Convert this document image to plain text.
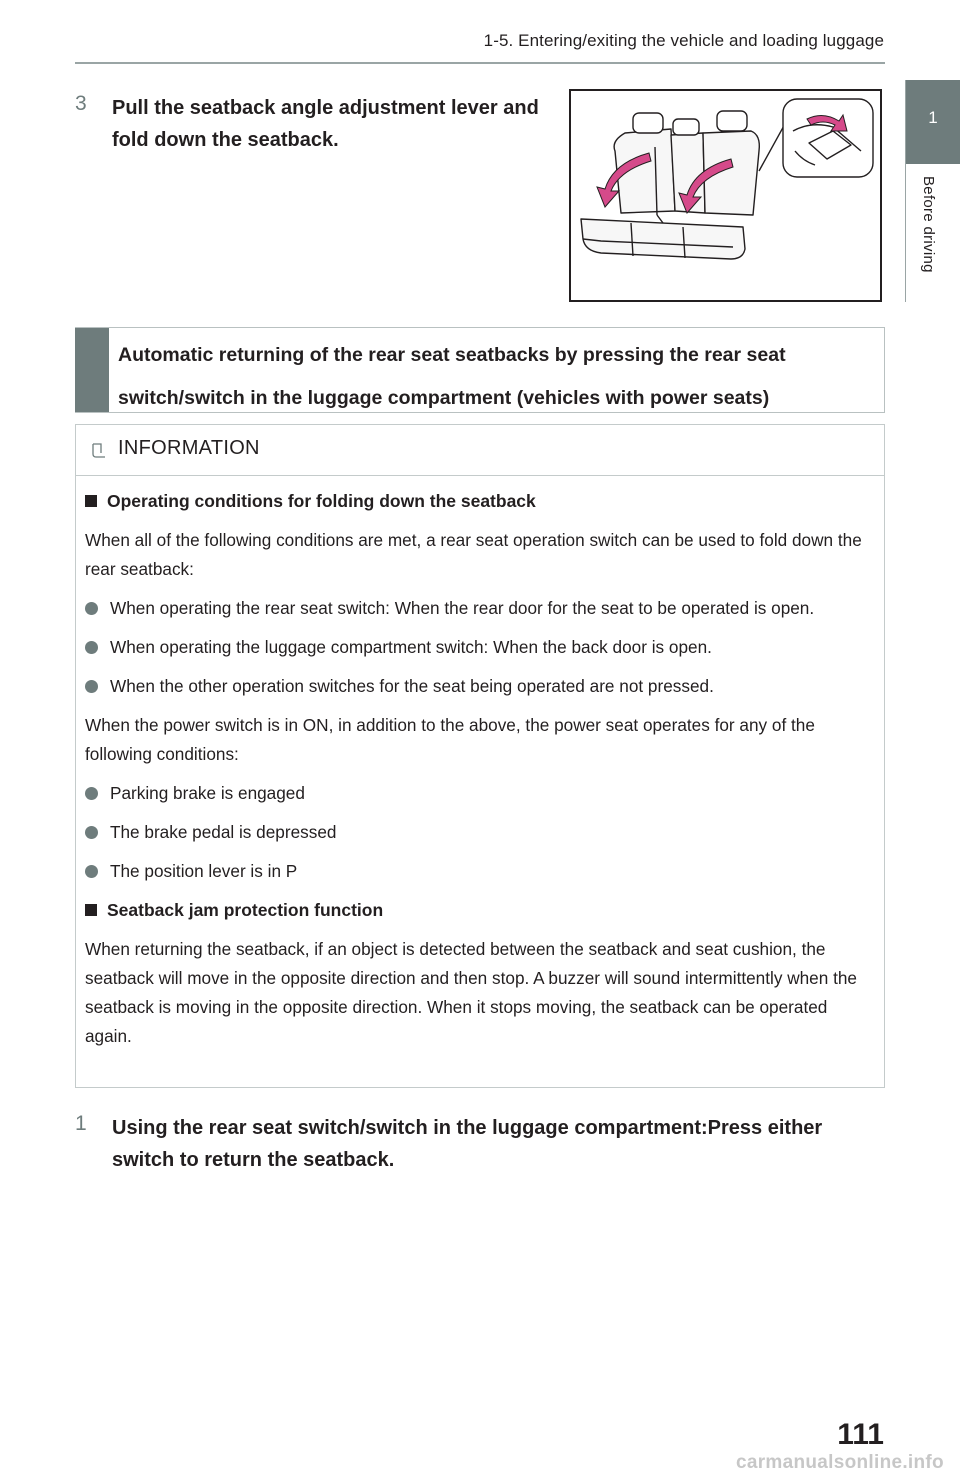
1-5. Entering/exiting the vehicle and loading luggage
1
Before driving
3 Pull the seatback angle adjustment lever and fold down the seatback.
Automatic returning of the rear seat seatbacks by pressing the rear seat switch/switch in the luggage compartment (vehicles with power seats)
INFORMATION

Operating conditions for folding down the seatback

When all of the following conditions are met, a rear seat operation switch can be used to fold down the rear seatback:

When operating the rear seat switch: When the rear door for the seat to be operated is open.

When operating the luggage compartment switch: When the back door is open.

When the other operation switches for the seat being operated are not pressed.

When the power switch is in ON, in addition to the above, the power seat operates for any of the following conditions:

Parking brake is engaged

The brake pedal is depressed

The position lever is in P

Seatback jam protection function

When returning the seatback, if an object is detected between the seatback and seat cushion, the seatback will move in the opposite direction and then stop. A buzzer will sound intermittently when the seatback is moving in the opposite direction. When it stops moving, the seatback can be operated again.

1 Using the rear seat switch/switch in the luggage compartment:Press either switch to return the seatback.
111
carmanualsonline.info
